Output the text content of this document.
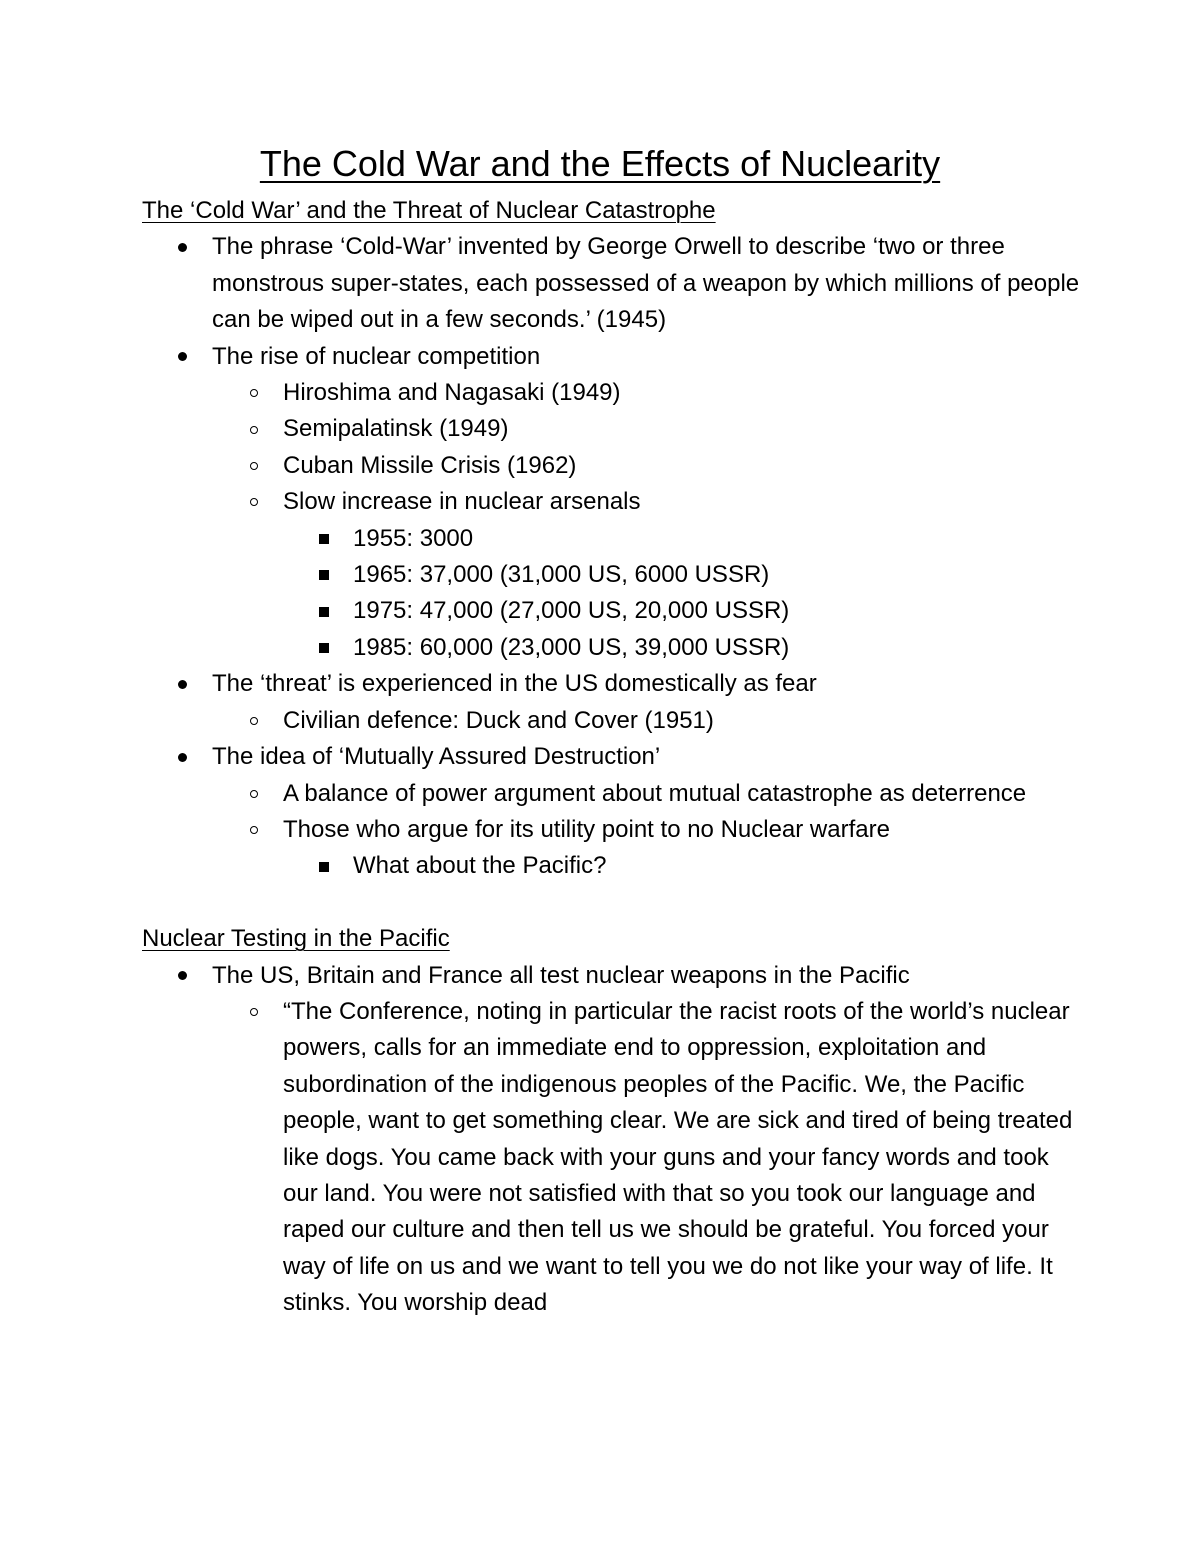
The Cold War and the Effects of Nuclearity
The ‘Cold War’ and the Threat of Nuclear Catastrophe
The phrase ‘Cold-War’ invented by George Orwell to describe ‘two or three monstrous super-states, each possessed of a weapon by which millions of people can be wiped out in a few seconds.’ (1945)
The rise of nuclear competition
Hiroshima and Nagasaki (1949)
Semipalatinsk (1949)
Cuban Missile Crisis (1962)
Slow increase in nuclear arsenals
1955: 3000
1965: 37,000 (31,000 US, 6000 USSR)
1975: 47,000 (27,000 US, 20,000 USSR)
1985: 60,000 (23,000 US, 39,000 USSR)
The ‘threat’ is experienced in the US domestically as fear
Civilian defence: Duck and Cover (1951)
The idea of ‘Mutually Assured Destruction’
A balance of power argument about mutual catastrophe as deterrence
Those who argue for its utility point to no Nuclear warfare
What about the Pacific?
Nuclear Testing in the Pacific
The US, Britain and France all test nuclear weapons in the Pacific
“The Conference, noting in particular the racist roots of the world’s nuclear powers, calls for an immediate end to oppression, exploitation and subordination of the indigenous peoples of the Pacific. We, the Pacific people, want to get something clear. We are sick and tired of being treated like dogs. You came back with your guns and your fancy words and took our land. You were not satisfied with that so you took our language and raped our culture and then tell us we should be grateful. You forced your way of life on us and we want to tell you we do not like your way of life. It stinks. You worship dead
